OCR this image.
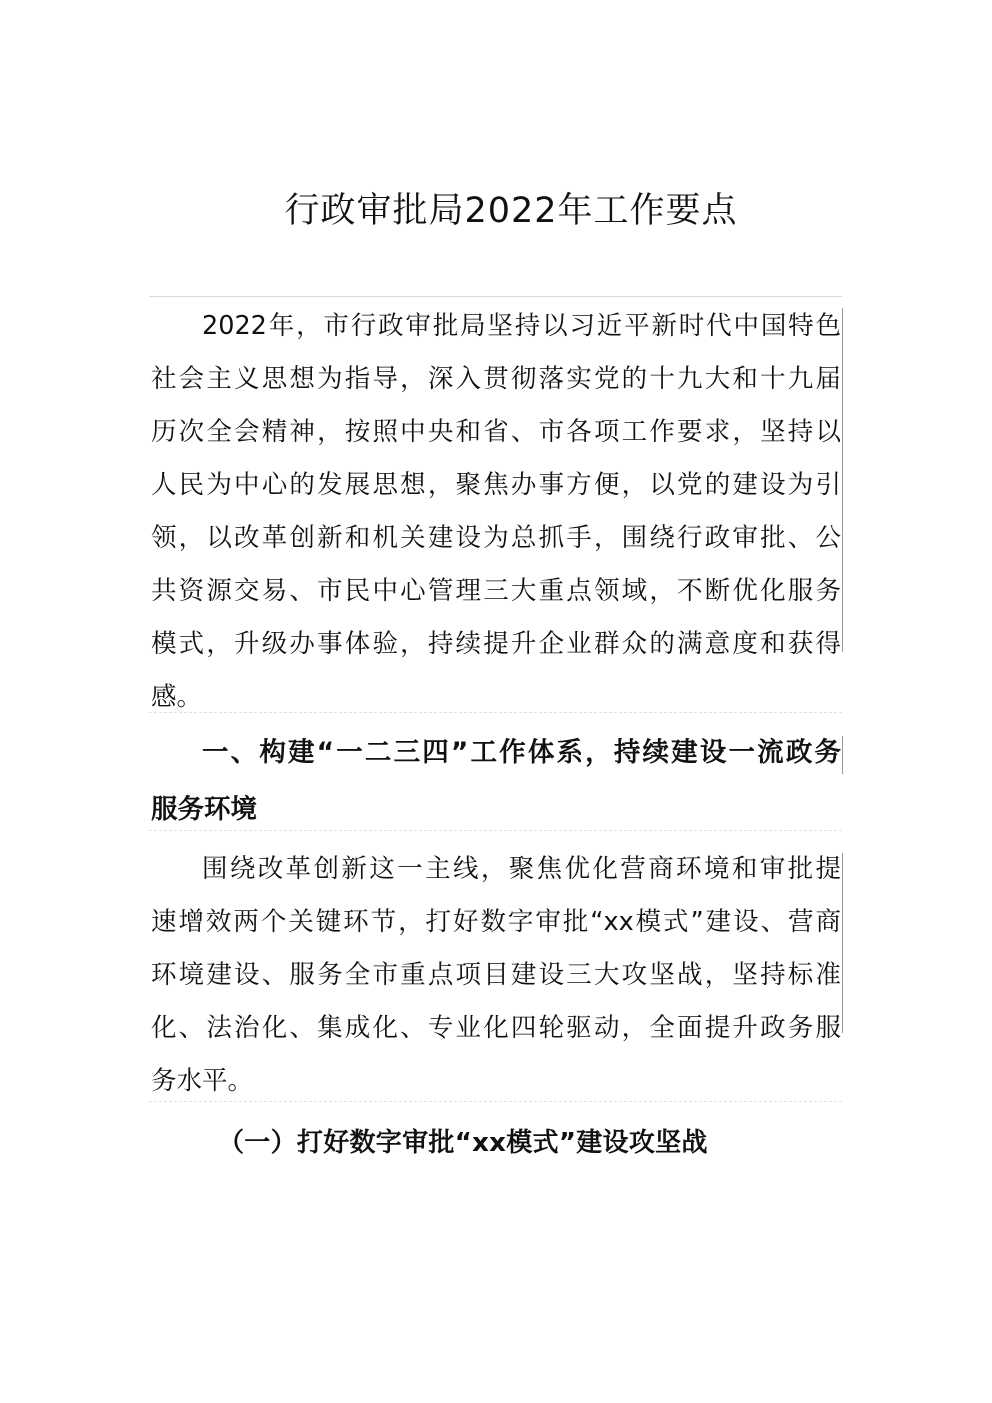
行政审批局2022年工作要点
2022年，市行政审批局坚持以习近平新时代中国特色
社会主义思想为指导，深入贯彻落实党的十九大和十九届
历次全会精神，按照中央和省、市各项工作要求，坚持以
人民为中心的发展思想，聚焦办事方便，以党的建设为引
领，以改革创新和机关建设为总抓手，围绕行政审批、公
共资源交易、市民中心管理三大重点领域，不断优化服务
模式，升级办事体验，持续提升企业群众的满意度和获得
感。
一、构建“一二三四”工作体系，持续建设一流政务
服务环境
围绕改革创新这一主线，聚焦优化营商环境和审批提
速增效两个关键环节，打好数字审批“xx模式”建设、营商
环境建设、服务全市重点项目建设三大攻坚战，坚持标准
化、法治化、集成化、专业化四轮驱动，全面提升政务服
务水平。
（一）打好数字审批“xx模式”建设攻坚战
